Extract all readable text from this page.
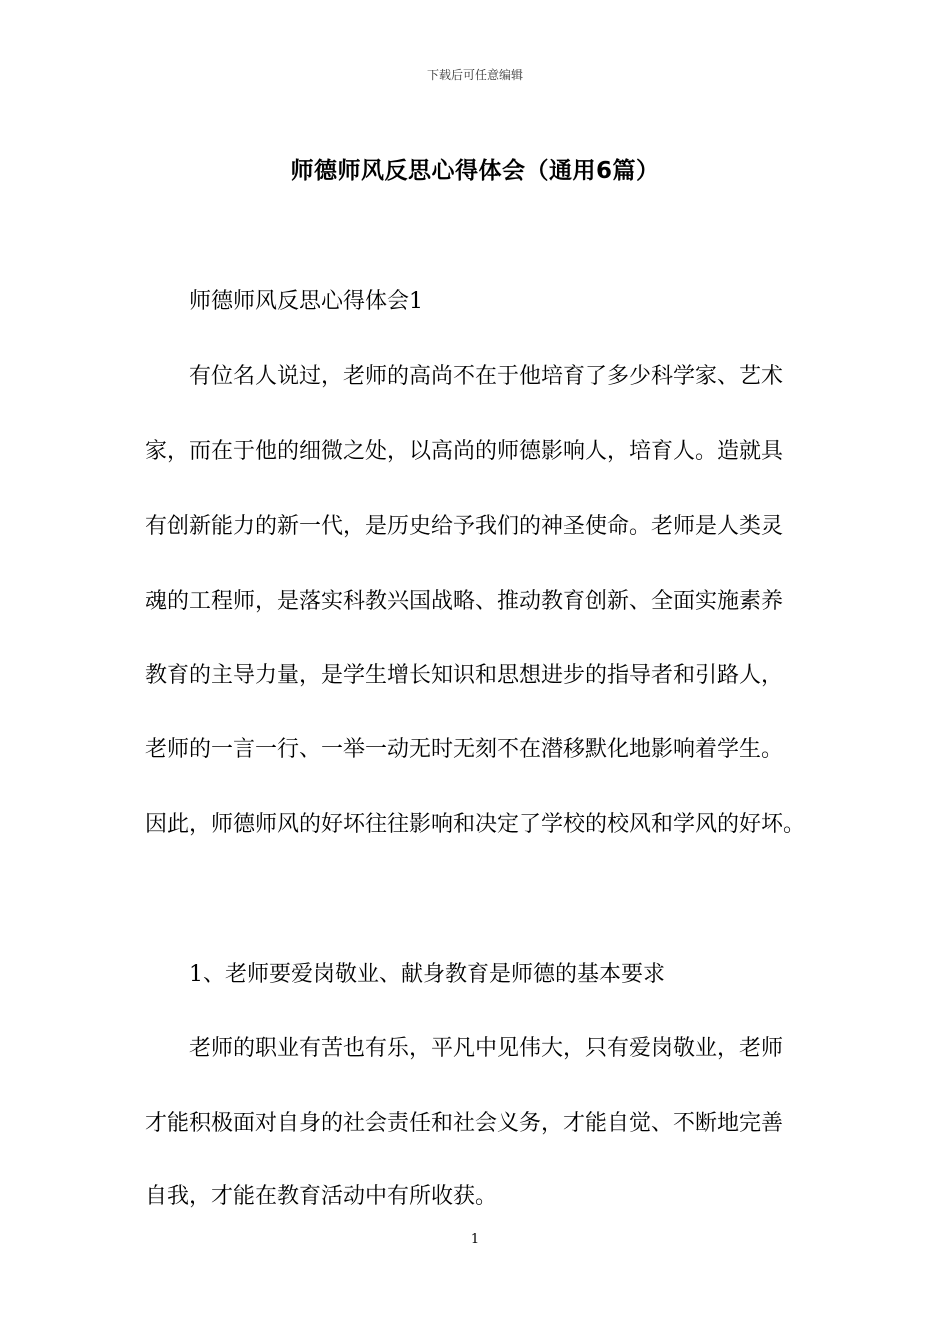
下载后可任意编辑
师德师风反思心得体会（通用6篇）
师德师风反思心得体会1
有位名人说过，老师的高尚不在于他培育了多少科学家、艺术
家，而在于他的细微之处，以高尚的师德影响人，培育人。造就具
有创新能力的新一代，是历史给予我们的神圣使命。老师是人类灵
魂的工程师，是落实科教兴国战略、推动教育创新、全面实施素养
教育的主导力量，是学生增长知识和思想进步的指导者和引路人，
老师的一言一行、一举一动无时无刻不在潜移默化地影响着学生。
因此，师德师风的好坏往往影响和决定了学校的校风和学风的好坏。
1、老师要爱岗敬业、献身教育是师德的基本要求
老师的职业有苦也有乐，平凡中见伟大，只有爱岗敬业，老师
才能积极面对自身的社会责任和社会义务，才能自觉、不断地完善
自我，才能在教育活动中有所收获。
1
